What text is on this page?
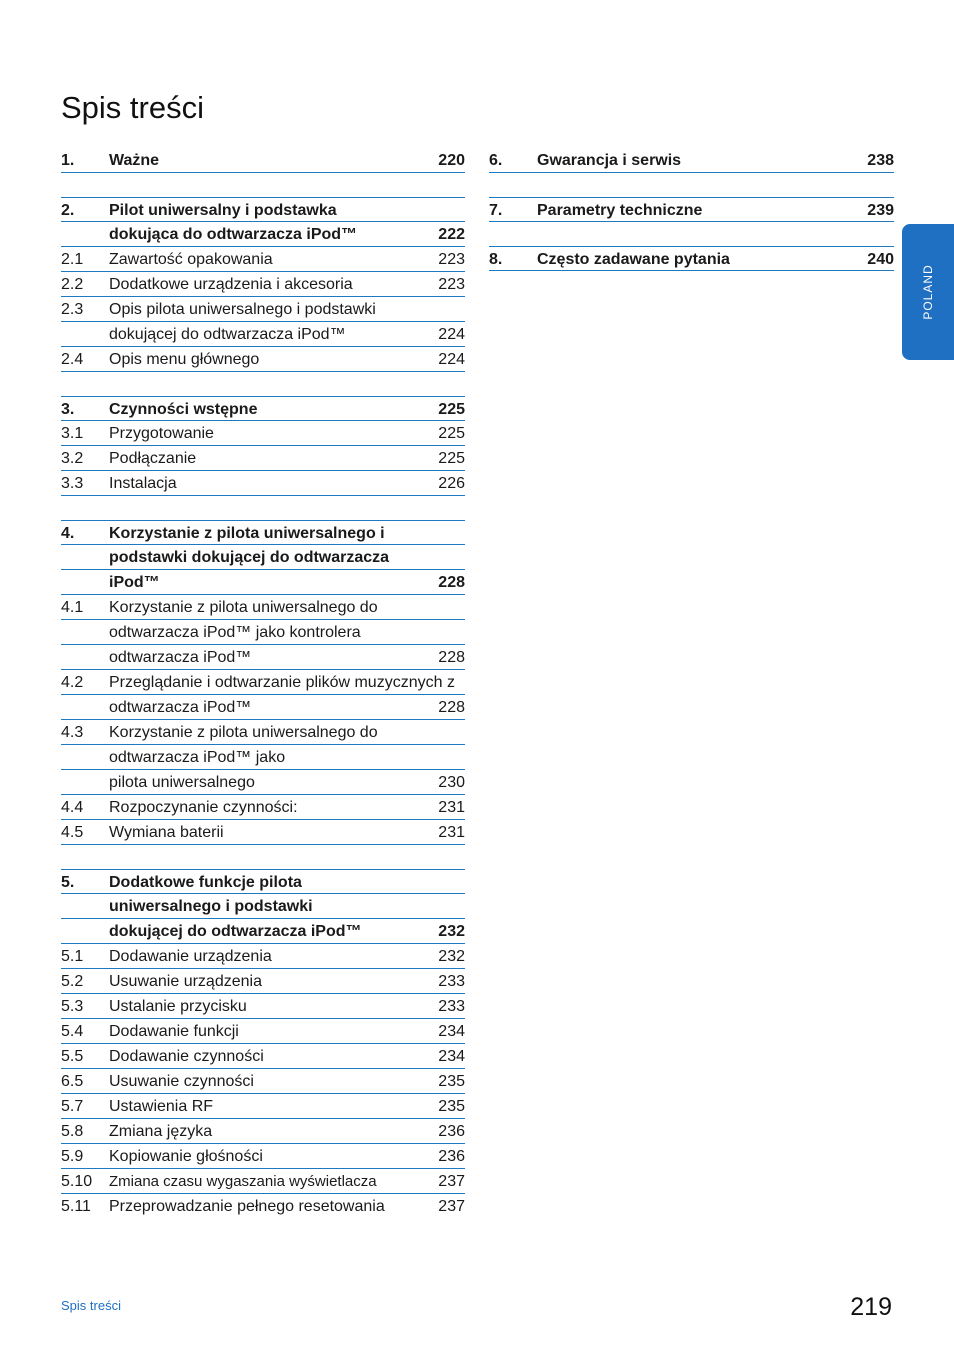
Spis treści
1. Ważne	220
2. Pilot uniwersalny i podstawka
dokująca do odtwarzacza iPod™	222
2.1 Zawartość opakowania	223
2.2 Dodatkowe urządzenia i akcesoria	223
2.3 Opis pilota uniwersalnego i podstawki
dokującej do odtwarzacza iPod™	224
2.4 Opis menu głównego	224
3. Czynności wstępne	225
3.1 Przygotowanie	225
3.2 Podłączanie	225
3.3 Instalacja	226
4. Korzystanie z pilota uniwersalnego i
podstawki dokującej do odtwarzacza
iPod™	228
4.1 Korzystanie z pilota uniwersalnego do
odtwarzacza iPod™ jako kontrolera
odtwarzacza iPod™	228
4.2 Przeglądanie i odtwarzanie plików muzycznych z
odtwarzacza iPod™	228
4.3 Korzystanie z pilota uniwersalnego do
odtwarzacza iPod™ jako
pilota uniwersalnego	230
4.4 Rozpoczynanie czynności:	231
4.5 Wymiana baterii	231
5. Dodatkowe funkcje pilota
uniwersalnego i podstawki
dokującej do odtwarzacza iPod™	232
5.1 Dodawanie urządzenia	232
5.2 Usuwanie urządzenia	233
5.3 Ustalanie przycisku	233
5.4 Dodawanie funkcji	234
5.5 Dodawanie czynności	234
6.5 Usuwanie czynności	235
5.7 Ustawienia RF	235
5.8 Zmiana języka	236
5.9 Kopiowanie głośności	236
5.10 Zmiana czasu wygaszania wyświetlacza	237
5.11 Przeprowadzanie pełnego resetowania	237
6. Gwarancja i serwis	238
7. Parametry techniczne	239
8. Często zadawane pytania	240
POLAND
Spis treści	219
